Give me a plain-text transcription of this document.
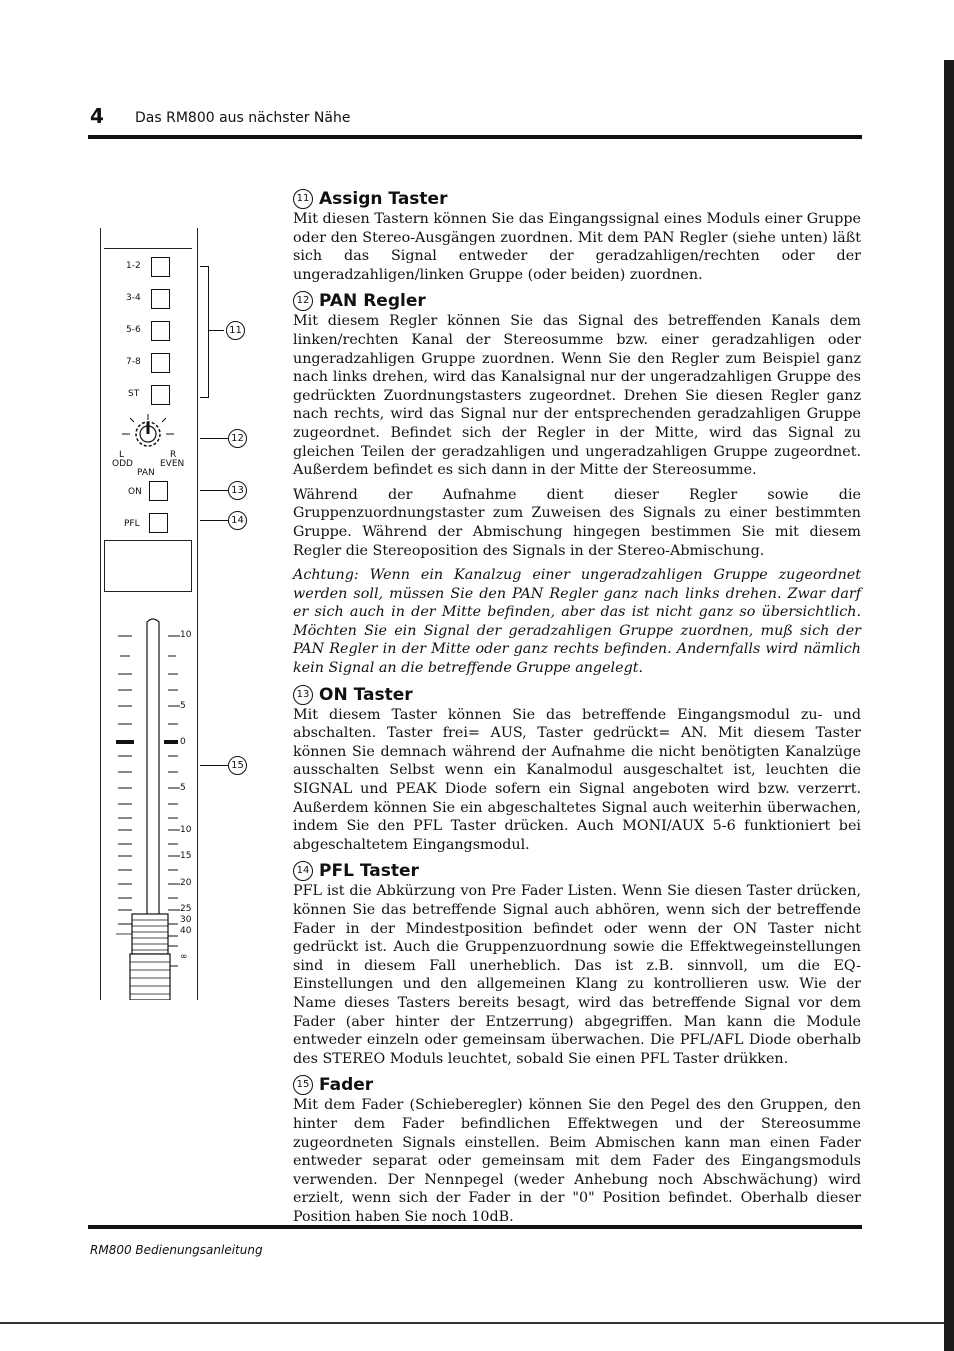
4 Das RM800 aus nächster Nähe
1-2
3-4
5-6
7-8
ST
L	R
ODD	EVEN
PAN
ON
PFL
10
5
0
5
10
15
20
25
30
40
∞
11
12
13
14
15
11 Assign Taster

Mit diesen Tastern können Sie das Eingangssignal eines Moduls einer Gruppe oder den Stereo-Ausgängen zuordnen. Mit dem PAN Regler (siehe unten) läßt sich das Signal entweder der geradzahligen/rechten oder der ungeradzahligen/linken Gruppe (oder beiden) zuordnen.

12 PAN Regler

Mit diesem Regler können Sie das Signal des betreffenden Kanals dem linken/rechten Kanal der Stereosumme bzw. einer geradzahligen oder ungeradzahligen Gruppe zuordnen. Wenn Sie den Regler zum Beispiel ganz nach links drehen, wird das Kanalsignal nur der ungeradzahligen Gruppe des gedrückten Zuordnungstasters zugeordnet. Drehen Sie diesen Regler ganz nach rechts, wird das Signal nur der entsprechenden geradzahligen Gruppe zugeordnet. Befindet sich der Regler in der Mitte, wird das Signal zu gleichen Teilen der geradzahligen und ungeradzahligen Gruppe zugeordnet. Außerdem befindet es sich dann in der Mitte der Stereosumme.

Während der Aufnahme dient dieser Regler sowie die Gruppenzuordnungstaster zum Zuweisen des Signals zu einer bestimmten Gruppe. Während der Abmischung hingegen bestimmen Sie mit diesem Regler die Stereoposition des Signals in der Stereo-Abmischung.

Achtung: Wenn ein Kanalzug einer ungeradzahligen Gruppe zugeordnet werden soll, müssen Sie den PAN Regler ganz nach links drehen. Zwar darf er sich auch in der Mitte befinden, aber das ist nicht ganz so übersichtlich. Möchten Sie ein Signal der geradzahligen Gruppe zuordnen, muß sich der PAN Regler in der Mitte oder ganz rechts befinden. Andernfalls wird nämlich kein Signal an die betreffende Gruppe angelegt.

13 ON Taster

Mit diesem Taster können Sie das betreffende Eingangsmodul zu- und abschalten. Taster frei= AUS, Taster gedrückt= AN. Mit diesem Taster können Sie demnach während der Aufnahme die nicht benötigten Kanalzüge ausschalten Selbst wenn ein Kanalmodul ausgeschaltet ist, leuchten die SIGNAL und PEAK Diode sofern ein Signal angeboten wird bzw. verzerrt. Außerdem können Sie ein abgeschaltetes Signal auch weiterhin überwachen, indem Sie den PFL Taster drücken. Auch MONI/AUX 5-6 funktioniert bei abgeschaltetem Eingangsmodul.

14 PFL Taster

PFL ist die Abkürzung von Pre Fader Listen. Wenn Sie diesen Taster drücken, können Sie das betreffende Signal auch abhören, wenn sich der betreffende Fader in der Mindestposition befindet oder wenn der ON Taster nicht gedrückt ist. Auch die Gruppenzuordnung sowie die Effektwegeinstellungen sind in diesem Fall unerheblich. Das ist z.B. sinnvoll, um die EQ-Einstellungen und den allgemeinen Klang zu kontrollieren usw. Wie der Name dieses Tasters bereits besagt, wird das betreffende Signal vor dem Fader (aber hinter der Entzerrung) abgegriffen. Man kann die Module entweder einzeln oder gemeinsam überwachen. Die PFL/AFL Diode oberhalb des STEREO Moduls leuchtet, sobald Sie einen PFL Taster drükken.

15 Fader

Mit dem Fader (Schieberegler) können Sie den Pegel des den Gruppen, den hinter dem Fader befindlichen Effektwegen und der Stereosumme zugeordneten Signals einstellen. Beim Abmischen kann man einen Fader entweder separat oder gemeinsam mit dem Fader des Eingangsmoduls verwenden. Der Nennpegel (weder Anhebung noch Abschwächung) wird erzielt, wenn sich der Fader in der "0" Position befindet. Oberhalb dieser Position haben Sie noch 10dB.

RM800 Bedienungsanleitung
